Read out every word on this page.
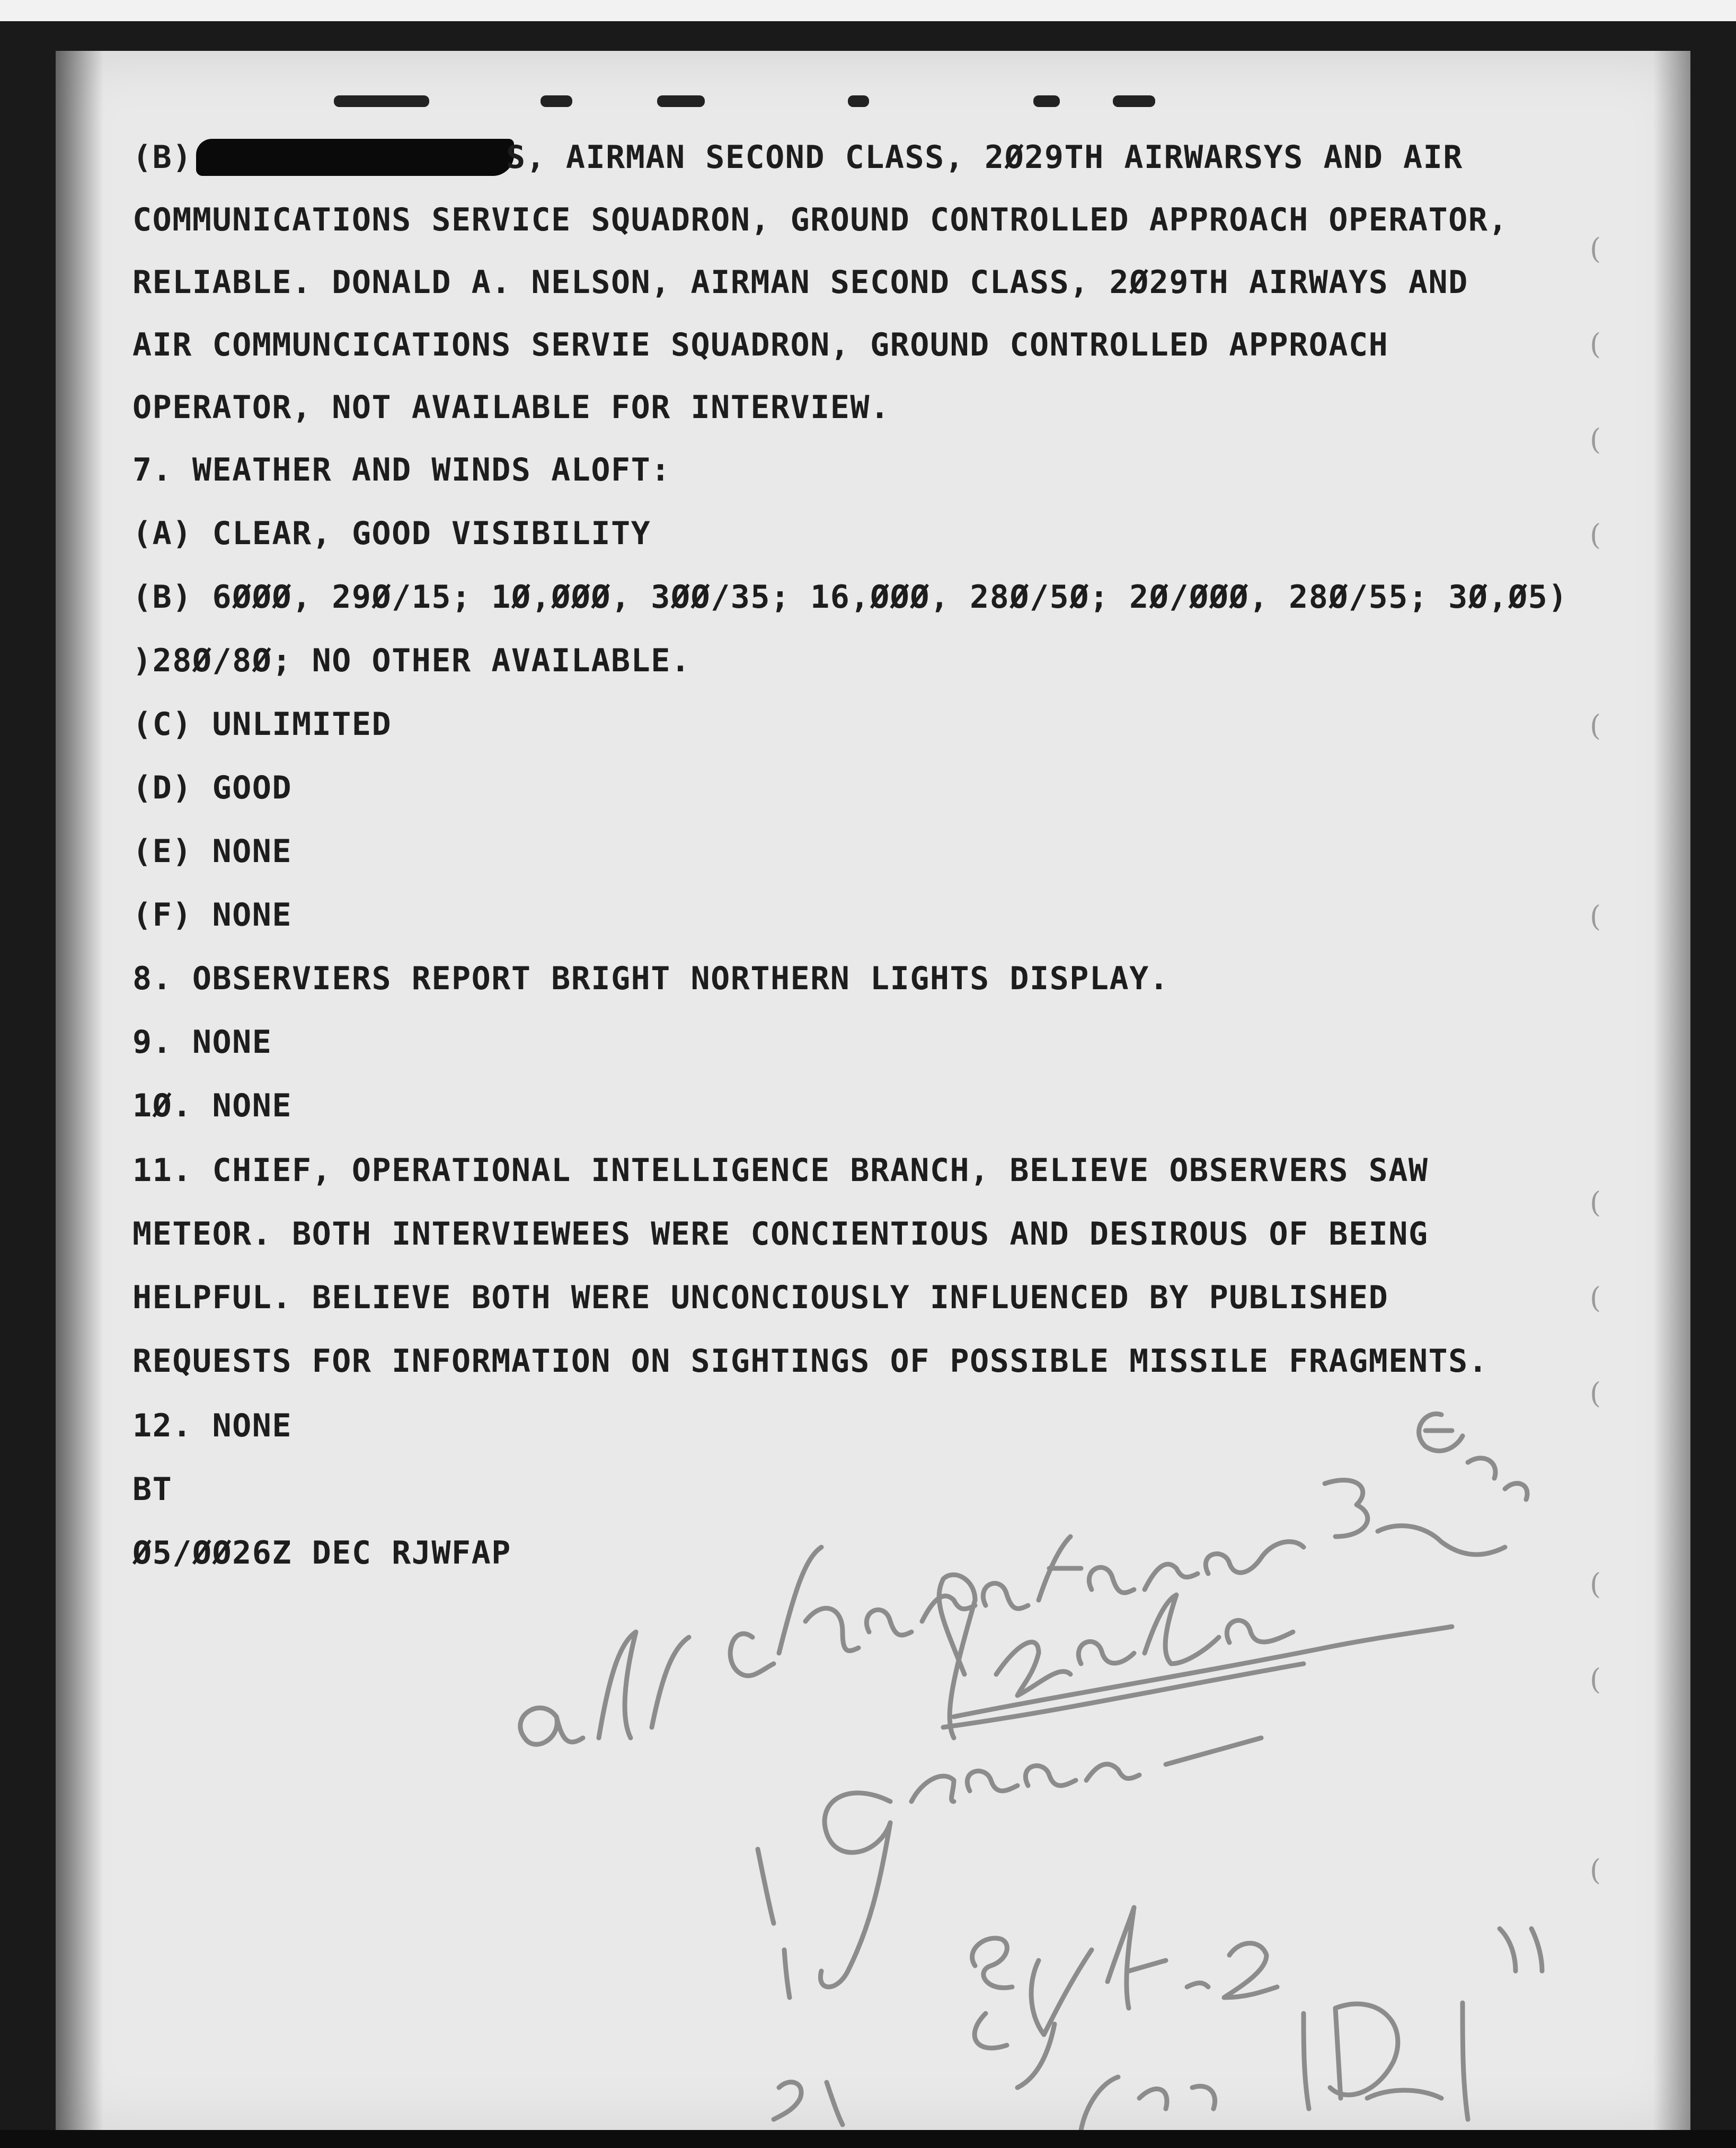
(B)	S, AIRMAN SECOND CLASS, 2Ø29TH AIRWARSYS AND AIR
COMMUNICATIONS SERVICE SQUADRON, GROUND CONTROLLED APPROACH OPERATOR,
RELIABLE. DONALD A. NELSON, AIRMAN SECOND CLASS, 2Ø29TH AIRWAYS AND
AIR COMMUNCICATIONS SERVIE SQUADRON, GROUND CONTROLLED APPROACH
OPERATOR, NOT AVAILABLE FOR INTERVIEW.
7. WEATHER AND WINDS ALOFT:
(A) CLEAR, GOOD VISIBILITY
(B) 6ØØØ, 29Ø/15; 1Ø,ØØØ, 3ØØ/35; 16,ØØØ, 28Ø/5Ø; 2Ø/ØØØ, 28Ø/55; 3Ø,Ø5)
)28Ø/8Ø; NO OTHER AVAILABLE.
(C) UNLIMITED
(D) GOOD
(E) NONE
(F) NONE
8. OBSERVIERS REPORT BRIGHT NORTHERN LIGHTS DISPLAY.
9. NONE
1Ø. NONE
11. CHIEF, OPERATIONAL INTELLIGENCE BRANCH, BELIEVE OBSERVERS SAW
METEOR. BOTH INTERVIEWEES WERE CONCIENTIOUS AND DESIROUS OF BEING
HELPFUL. BELIEVE BOTH WERE UNCONCIOUSLY INFLUENCED BY PUBLISHED
REQUESTS FOR INFORMATION ON SIGHTINGS OF POSSIBLE MISSILE FRAGMENTS.
12. NONE
BT
Ø5/ØØ26Z DEC RJWFAP
(
(
(
(
(
(
(
(
(
(
(
(
